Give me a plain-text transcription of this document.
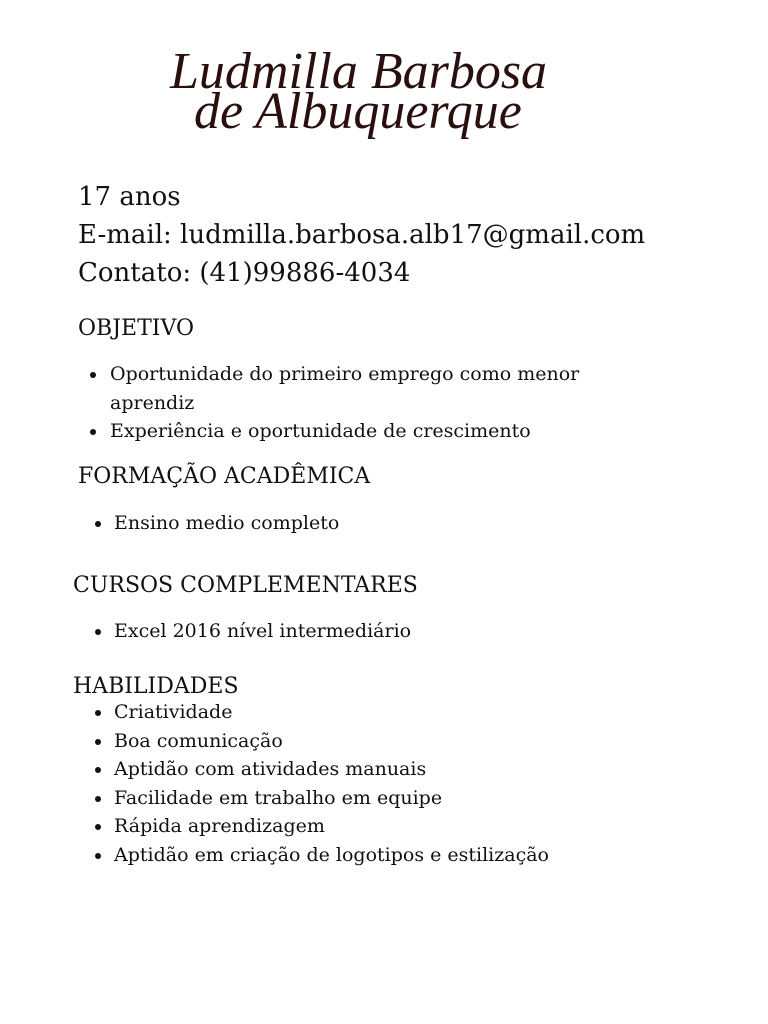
Ludmilla Barbosa
de Albuquerque
17 anos
E-mail: ludmilla.barbosa.alb17@gmail.com
Contato: (41)99886-4034
OBJETIVO
Oportunidade do primeiro emprego como menor aprendiz
Experiência e oportunidade de crescimento
FORMAÇÃO ACADÊMICA
Ensino medio completo
CURSOS COMPLEMENTARES
Excel 2016 nível intermediário
HABILIDADES
Criatividade
Boa comunicação
Aptidão com atividades manuais
Facilidade em trabalho em equipe
Rápida aprendizagem
Aptidão em criação de logotipos e estilização
